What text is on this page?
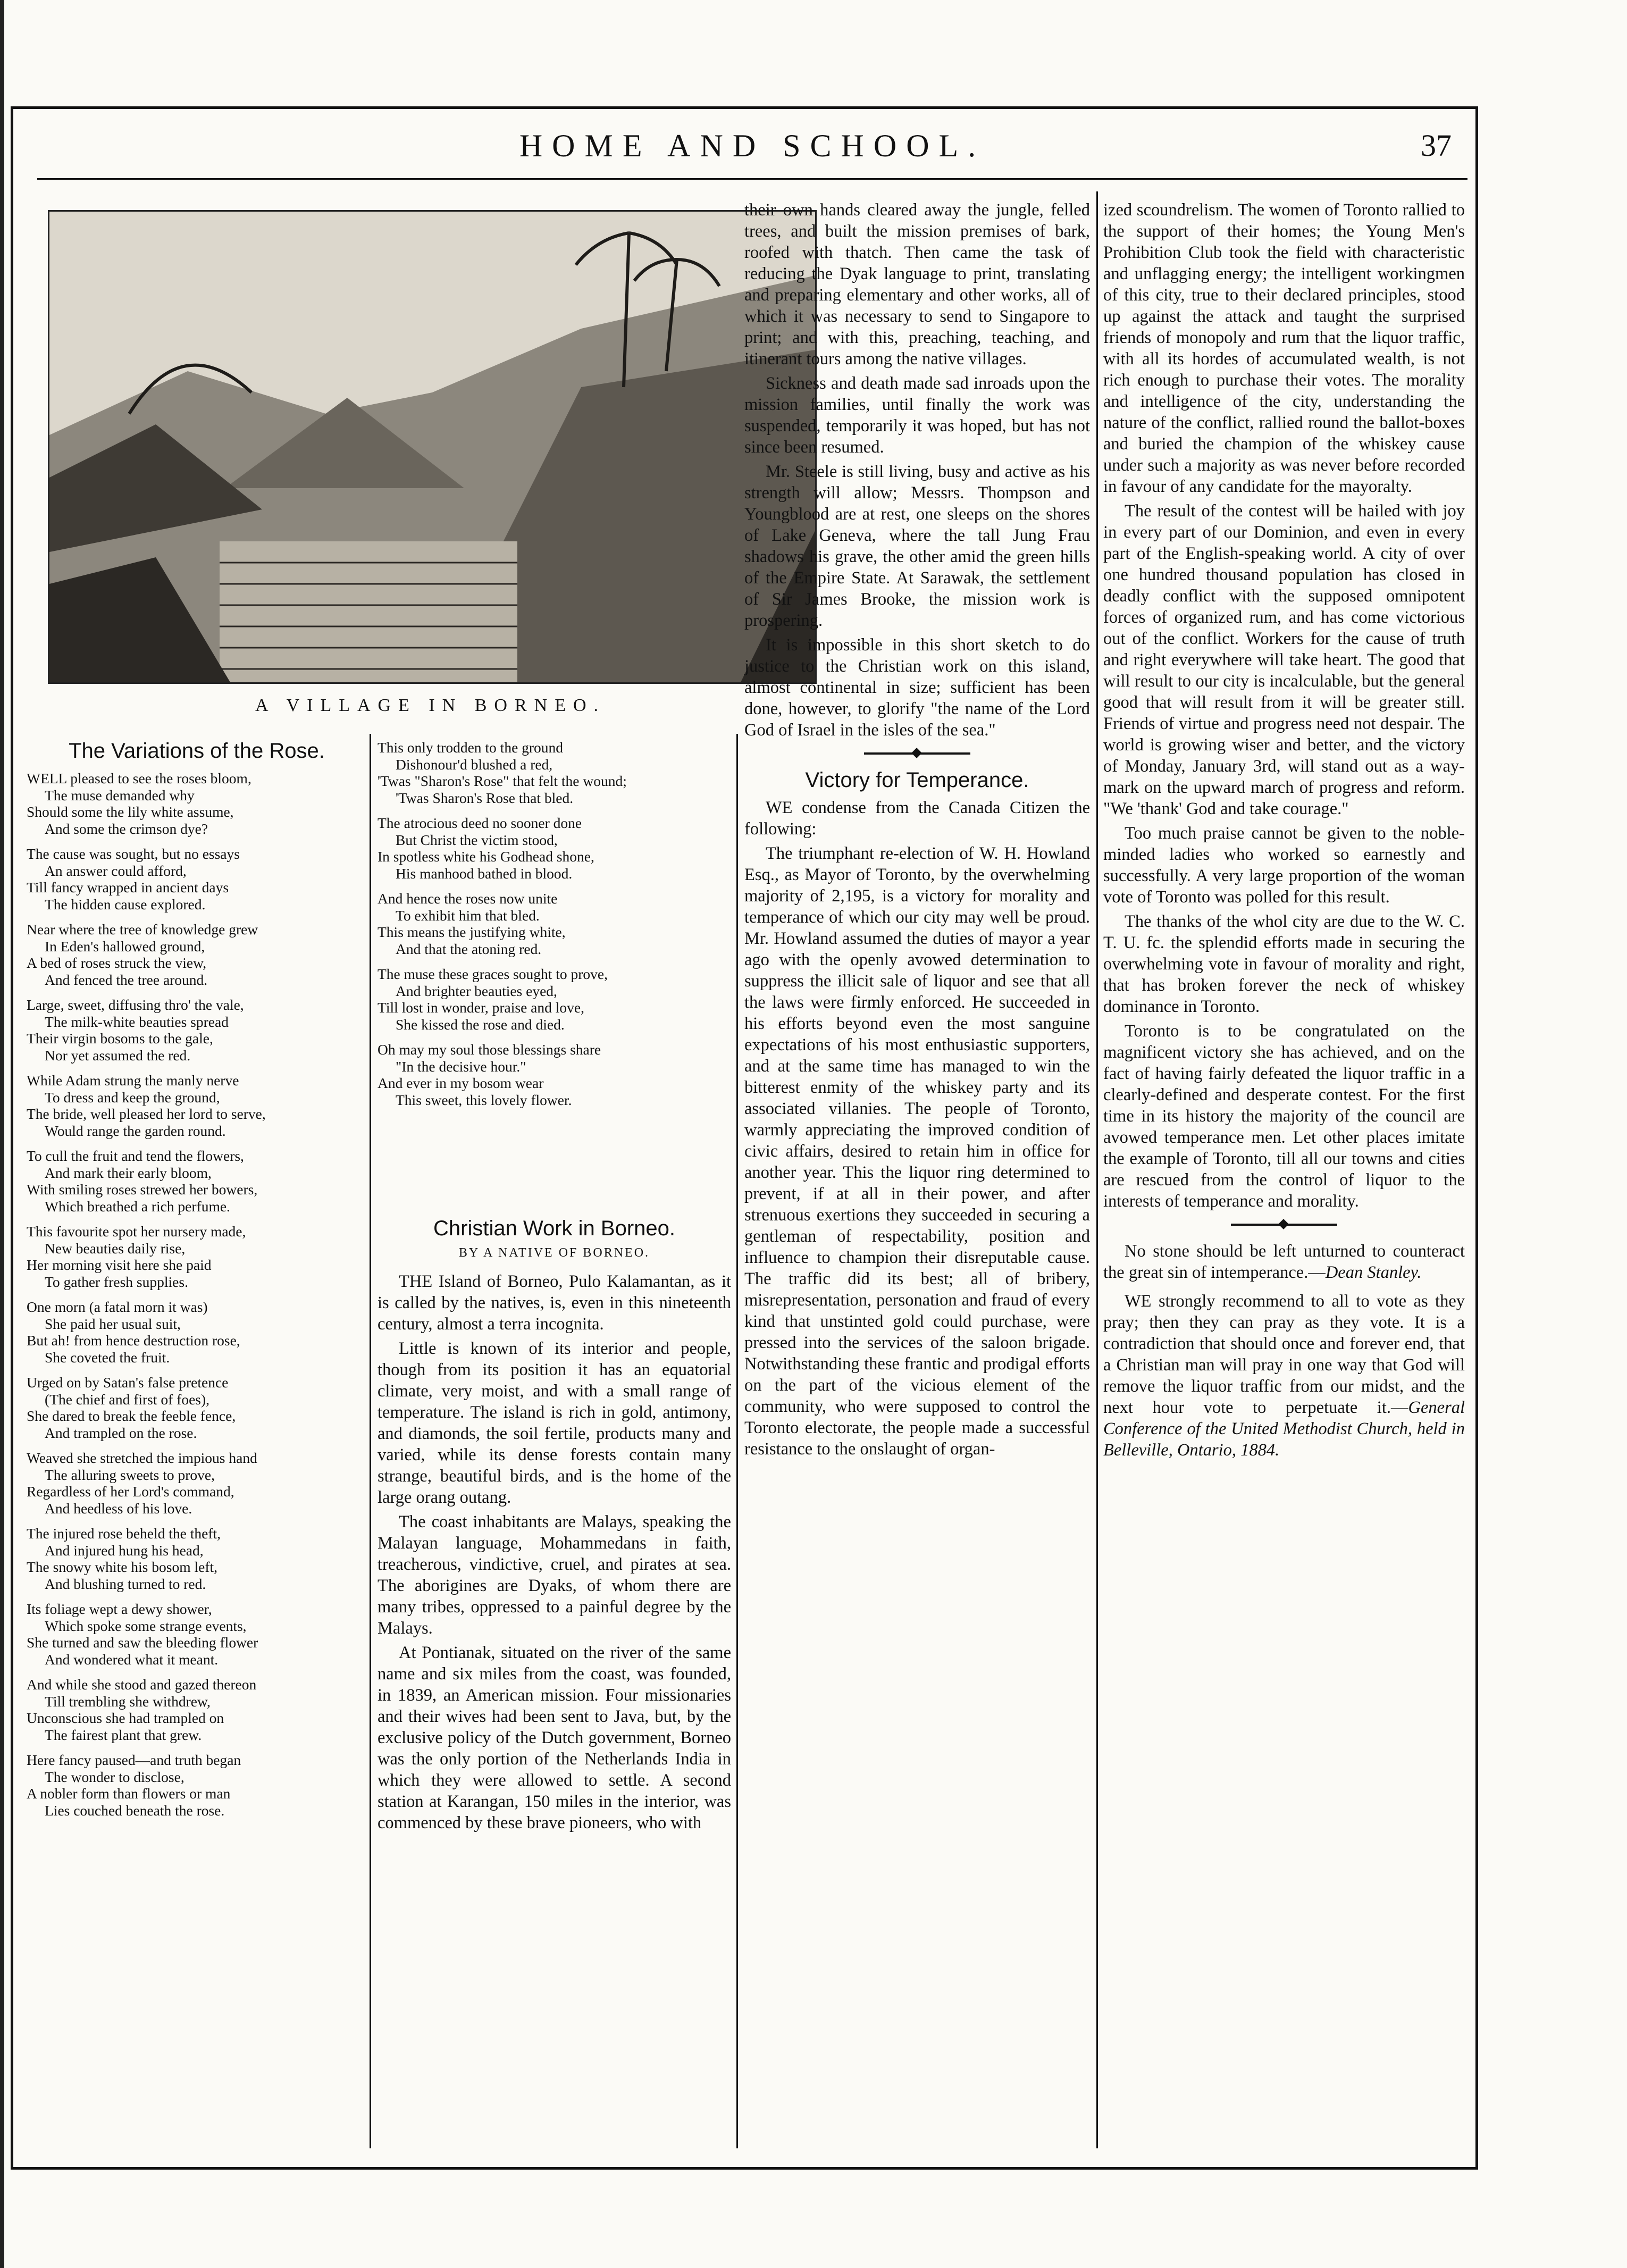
HOME AND SCHOOL.	37
A VILLAGE IN BORNEO.
The Variations of the Rose.
WELL pleased to see the roses bloom,
The muse demanded why
Should some the lily white assume,
And some the crimson dye?
The cause was sought, but no essays
An answer could afford,
Till fancy wrapped in ancient days
The hidden cause explored.
Near where the tree of knowledge grew
In Eden's hallowed ground,
A bed of roses struck the view,
And fenced the tree around.
Large, sweet, diffusing thro' the vale,
The milk-white beauties spread
Their virgin bosoms to the gale,
Nor yet assumed the red.
While Adam strung the manly nerve
To dress and keep the ground,
The bride, well pleased her lord to serve,
Would range the garden round.
To cull the fruit and tend the flowers,
And mark their early bloom,
With smiling roses strewed her bowers,
Which breathed a rich perfume.
This favourite spot her nursery made,
New beauties daily rise,
Her morning visit here she paid
To gather fresh supplies.
One morn (a fatal morn it was)
She paid her usual suit,
But ah! from hence destruction rose,
She coveted the fruit.
Urged on by Satan's false pretence
(The chief and first of foes),
She dared to break the feeble fence,
And trampled on the rose.
Weaved she stretched the impious hand
The alluring sweets to prove,
Regardless of her Lord's command,
And heedless of his love.
The injured rose beheld the theft,
And injured hung his head,
The snowy white his bosom left,
And blushing turned to red.
Its foliage wept a dewy shower,
Which spoke some strange events,
She turned and saw the bleeding flower
And wondered what it meant.
And while she stood and gazed thereon
Till trembling she withdrew,
Unconscious she had trampled on
The fairest plant that grew.
Here fancy paused—and truth began
The wonder to disclose,
A nobler form than flowers or man
Lies couched beneath the rose.
This only trodden to the ground
Dishonour'd blushed a red,
'Twas "Sharon's Rose" that felt the wound;
'Twas Sharon's Rose that bled.
The atrocious deed no sooner done
But Christ the victim stood,
In spotless white his Godhead shone,
His manhood bathed in blood.
And hence the roses now unite
To exhibit him that bled.
This means the justifying white,
And that the atoning red.
The muse these graces sought to prove,
And brighter beauties eyed,
Till lost in wonder, praise and love,
She kissed the rose and died.
Oh may my soul those blessings share
"In the decisive hour."
And ever in my bosom wear
This sweet, this lovely flower.
Christian Work in Borneo.
BY A NATIVE OF BORNEO.

THE Island of Borneo, Pulo Kalamantan, as it is called by the natives, is, even in this nineteenth century, almost a terra incognita.

Little is known of its interior and people, though from its position it has an equatorial climate, very moist, and with a small range of temperature. The island is rich in gold, antimony, and diamonds, the soil fertile, products many and varied, while its dense forests contain many strange, beautiful birds, and is the home of the large orang outang.

The coast inhabitants are Malays, speaking the Malayan language, Mohammedans in faith, treacherous, vindictive, cruel, and pirates at sea. The aborigines are Dyaks, of whom there are many tribes, oppressed to a painful degree by the Malays.

At Pontianak, situated on the river of the same name and six miles from the coast, was founded, in 1839, an American mission. Four missionaries and their wives had been sent to Java, but, by the exclusive policy of the Dutch government, Borneo was the only portion of the Netherlands India in which they were allowed to settle. A second station at Karangan, 150 miles in the interior, was commenced by these brave pioneers, who with

their own hands cleared away the jungle, felled trees, and built the mission premises of bark, roofed with thatch. Then came the task of reducing the Dyak language to print, translating and preparing elementary and other works, all of which it was necessary to send to Singapore to print; and with this, preaching, teaching, and itinerant tours among the native villages.

Sickness and death made sad inroads upon the mission families, until finally the work was suspended, temporarily it was hoped, but has not since been resumed.

Mr. Steele is still living, busy and active as his strength will allow; Messrs. Thompson and Youngblood are at rest, one sleeps on the shores of Lake Geneva, where the tall Jung Frau shadows his grave, the other amid the green hills of the Empire State. At Sarawak, the settlement of Sir James Brooke, the mission work is prospering.

It is impossible in this short sketch to do justice to the Christian work on this island, almost continental in size; sufficient has been done, however, to glorify "the name of the Lord God of Israel in the isles of the sea."

Victory for Temperance.

WE condense from the Canada Citizen the following:

The triumphant re-election of W. H. Howland Esq., as Mayor of Toronto, by the overwhelming majority of 2,195, is a victory for morality and temperance of which our city may well be proud. Mr. Howland assumed the duties of mayor a year ago with the openly avowed determination to suppress the illicit sale of liquor and see that all the laws were firmly enforced. He succeeded in his efforts beyond even the most sanguine expectations of his most enthusiastic supporters, and at the same time has managed to win the bitterest enmity of the whiskey party and its associated villanies. The people of Toronto, warmly appreciating the improved condition of civic affairs, desired to retain him in office for another year. This the liquor ring determined to prevent, if at all in their power, and after strenuous exertions they succeeded in securing a gentleman of respectability, position and influence to champion their disreputable cause. The traffic did its best; all of bribery, misrepresentation, personation and fraud of every kind that unstinted gold could purchase, were pressed into the services of the saloon brigade. Notwithstanding these frantic and prodigal efforts on the part of the vicious element of the community, who were supposed to control the Toronto electorate, the people made a successful resistance to the onslaught of organ-

ized scoundrelism. The women of Toronto rallied to the support of their homes; the Young Men's Prohibition Club took the field with characteristic and unflagging energy; the intelligent workingmen of this city, true to their declared principles, stood up against the attack and taught the surprised friends of monopoly and rum that the liquor traffic, with all its hordes of accumulated wealth, is not rich enough to purchase their votes. The morality and intelligence of the city, understanding the nature of the conflict, rallied round the ballot-boxes and buried the champion of the whiskey cause under such a majority as was never before recorded in favour of any candidate for the mayoralty.

The result of the contest will be hailed with joy in every part of our Dominion, and even in every part of the English-speaking world. A city of over one hundred thousand population has closed in deadly conflict with the supposed omnipotent forces of organized rum, and has come victorious out of the conflict. Workers for the cause of truth and right everywhere will take heart. The good that will result to our city is incalculable, but the general good that will result from it will be greater still. Friends of virtue and progress need not despair. The world is growing wiser and better, and the victory of Monday, January 3rd, will stand out as a way-mark on the upward march of progress and reform. "We 'thank' God and take courage."

Too much praise cannot be given to the noble-minded ladies who worked so earnestly and successfully. A very large proportion of the woman vote of Toronto was polled for this result.

The thanks of the whol city are due to the W. C. T. U. fc. the splendid efforts made in securing the overwhelming vote in favour of morality and right, that has broken forever the neck of whiskey dominance in Toronto.

Toronto is to be congratulated on the magnificent victory she has achieved, and on the fact of having fairly defeated the liquor traffic in a clearly-defined and desperate contest. For the first time in its history the majority of the council are avowed temperance men. Let other places imitate the example of Toronto, till all our towns and cities are rescued from the control of liquor to the interests of temperance and morality.

No stone should be left unturned to counteract the great sin of intemperance.—Dean Stanley.

WE strongly recommend to all to vote as they pray; then they can pray as they vote. It is a contradiction that should once and forever end, that a Christian man will pray in one way that God will remove the liquor traffic from our midst, and the next hour vote to perpetuate it.—General Conference of the United Methodist Church, held in Belleville, Ontario, 1884.
